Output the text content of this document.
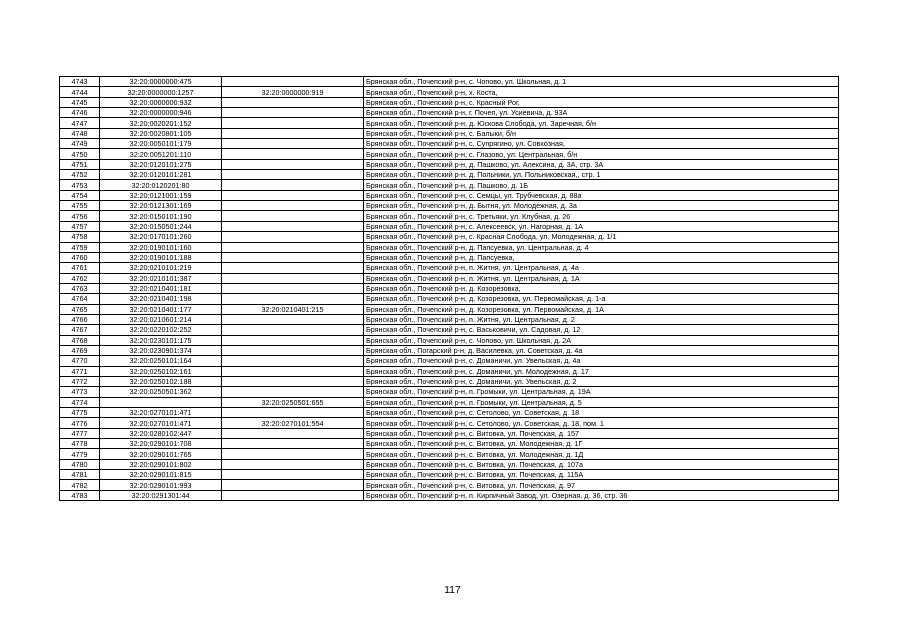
4743	32:20:0000000:475		Брянская обл., Почепский р-н, с. Чопово, ул. Школьная, д. 1
4744	32:20:0000000:1257	32:20:0000000:919	Брянская обл., Почепский р-н, х. Коста,
4745	32:20:0000000:932		Брянская обл., Почепский р-н, с. Красный Рог,
4746	32:20:0000000:946		Брянская обл., Почепский р-н, г. Почеп, ул. Усиевича, д. 93А
4747	32:20:0020201:152		Брянская обл., Почепский р-н, д. Юскова Слобода, ул. Заречная, б/н
4748	32:20:0020801:105		Брянская обл., Почепский р-н, с. Балыки, б/н
4749	32:20:0050101:179		Брянская обл., Почепский р-н, с. Супрягино, ул. Совхозная,
4750	32:20:0051201:110		Брянская обл., Почепский р-н, с. Глазово, ул. Центральная, б/н
4751	32:20:0120101:275		Брянская обл., Почепский р-н, д. Пашково, ул. Алексина, д. 3А, стр. 3А
4752	32:20:0120101:281		Брянская обл., Почепский р-н, д. Польники, ул. Польниковская,, стр. 1
4753	32:20:0120201:80		Брянская обл., Почепский р-н, д. Пашково, д. 1Б
4754	32:20:0121001:159		Брянская обл., Почепский р-н, с. Семцы, ул. Трубчевская, д. 88а
4755	32:20:0121301:169		Брянская обл., Почепский р-н, д. Бытня, ул. Молодежная, д. 3а
4756	32:20:0150101:190		Брянская обл., Почепский р-н, с. Третьяки, ул. Клубная, д. 26
4757	32:20:0150501:244		Брянская обл., Почепский р-н, с. Алексеевск, ул. Нагорная, д. 1А
4758	32:20:0170101:260		Брянская обл., Почепский р-н, с. Красная Слобода, ул. Молодежная, д. 1/1
4759	32:20:0190101:160		Брянская обл., Почепский р-н, д. Папсуевка, ул. Центральная, д. 4
4760	32:20:0190101:188		Брянская обл., Почепский р-н, д. Папсуевка,
4761	32:20:0210101:219		Брянская обл., Почепский р-н, п. Житня, ул. Центральная, д. 4а
4762	32:20:0210101:387		Брянская обл., Почепский р-н, п. Житня, ул. Центральная, д. 1А
4763	32:20:0210401:181		Брянская обл., Почепский р-н, д. Козорезовка,
4764	32:20:0210401:198		Брянская обл., Почепский р-н, д. Козорезовка, ул. Первомайская, д. 1-а
4765	32:20:0210401:177	32:20:0210401:215	Брянская обл., Почепский р-н, д. Козорезовка, ул. Первомайская, д. 1А
4766	32:20:0210601:214		Брянская обл., Почепский р-н, п. Житня, ул. Центральная, д. 2
4767	32:20:0220102:252		Брянская обл., Почепский р-н, с. Васьковичи, ул. Садовая, д. 12
4768	32:20:0230101:175		Брянская обл., Почепский р-н, с. Чопово, ул. Школьная, д. 2А
4769	32:20:0230901:374		Брянская обл., Погарский р-н, д. Василевка, ул. Советская, д. 4а
4770	32:20:0250101:164		Брянская обл., Почепский р-н, с. Доманичи, ул. Увельская, д. 4а
4771	32:20:0250102:161		Брянская обл., Почепский р-н, с. Доманичи, ул. Молодежная, д. 17
4772	32:20:0250102:188		Брянская обл., Почепский р-н, с. Доманичи, ул. Увельская, д. 2
4773	32:20:0250501:362		Брянская обл., Почепский р-н, п. Громыки, ул. Центральная, д. 19А
4774		32:20:0250501:655	Брянская обл., Почепский р-н, п. Громыки, ул. Центральная, д. 5
4775	32:20:0270101:471		Брянская обл., Почепский р-н, с. Сетолово, ул. Советская, д. 18
4776	32:20:0270101:471	32:20:0270101:554	Брянская обл., Почепский р-н, с. Сетолово, ул. Советская, д. 18, пом. 1
4777	32:20:0280102:447		Брянская обл., Почепский р-н, с. Витовка, ул. Почепская, д. 157
4778	32:20:0290101:708		Брянская обл., Почепский р-н, с. Витовка, ул. Молодежная, д. 1Г
4779	32:20:0290101:765		Брянская обл., Почепский р-н, с. Витовка, ул. Молодежная, д. 1Д
4780	32:20:0290101:802		Брянская обл., Почепский р-н, с. Витовка, ул. Почепская, д. 107а
4781	32:20:0290101:815		Брянская обл., Почепский р-н, с. Витовка, ул. Почепская, д. 115А
4782	32:20:0290101:993		Брянская обл., Почепский р-н, с. Витовка, ул. Почепская, д. 97
4783	32:20:0291301:44		Брянская обл., Почепский р-н, п. Кирпичный Завод, ул. Озерная, д. 36, стр. 36
117
